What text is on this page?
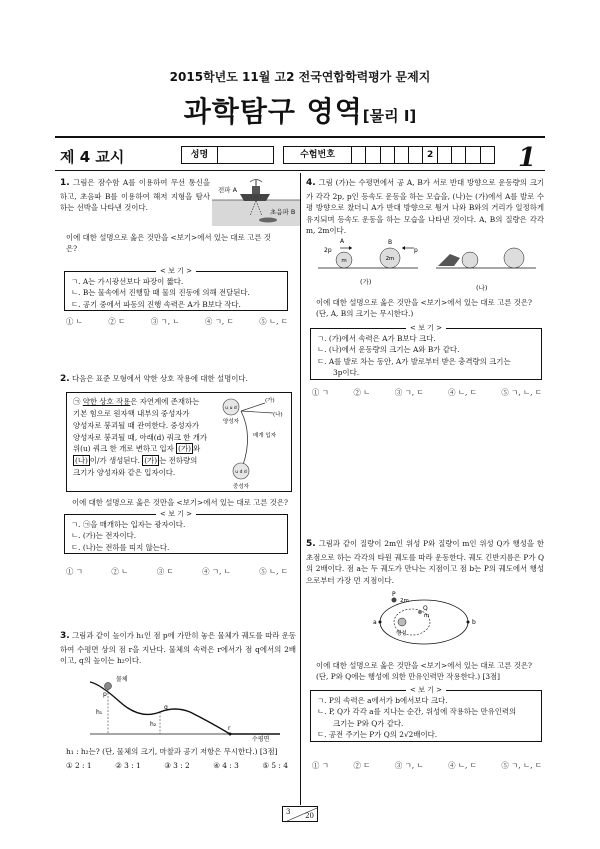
2015학년도 11월 고2 전국연합학력평가 문제지
과학탐구 영역[물리 I]
제 4 교시	성명	수험번호	2	1
1. 그림은 잠수함 A를 이용하여 무선 통신을 하고, 초음파 B를 이용하여 해저 지형을 탐사하는 선박을 나타낸 것이다.
전파 A
초음파 B
이에 대한 설명으로 옳은 것만을 <보기>에서 있는 대로 고른 것은?
< 보 기 >
ㄱ. A는 가시광선보다 파장이 짧다.
ㄴ. B는 물속에서 진행할 때 물의 진동에 의해 전달된다.
ㄷ. 공기 중에서 파동의 진행 속력은 A가 B보다 작다.
① ㄴ	② ㄷ	③ ㄱ, ㄴ	④ ㄱ, ㄷ	⑤ ㄴ, ㄷ
2. 다음은 표준 모형에서 약한 상호 작용에 대한 설명이다.
㉠ 약한 상호 작용은 자연계에 존재하는
기본 힘으로 원자핵 내부의 중성자가
양성자로 붕괴될 때 관여한다. 중성자가
양성자로 붕괴될 때, 아래(d) 쿼크 한 개가
위(u) 쿼크 한 개로 변하고 입자 (가) 와
(나) 이/가 생성된다. (가) 는 전하량의
크기가 양성자와 같은 입자이다.
u u d
양성자
(가)
(나)
매개 입자
u d d
중성자
이에 대한 설명으로 옳은 것만을 <보기>에서 있는 대로 고른 것은?
< 보 기 >
ㄱ. ㉠을 매개하는 입자는 광자이다.
ㄴ. (가)는 전자이다.
ㄷ. (나)는 전하를 띠지 않는다.
① ㄱ	② ㄴ	③ ㄷ	④ ㄱ, ㄴ	⑤ ㄴ, ㄷ
3. 그림과 같이 높이가 h₁인 점 p에 가만히 놓은 물체가 궤도를 따라 운동하여 수평면 상의 점 r을 지난다. 물체의 속력은 r에서가 점 q에서의 2배이고, q의 높이는 h₂이다.
물체
p
h₁
q
h₂
r
수평면
h₁ : h₂는? (단, 물체의 크기, 마찰과 공기 저항은 무시한다.) [3점]
① 2 : 1	② 3 : 1	③ 3 : 2	④ 4 : 3	⑤ 5 : 4
4. 그림 (가)는 수평면에서 공 A, B가 서로 반대 방향으로 운동량의 크기가 각각 2p, p인 등속도 운동을 하는 모습을, (나)는 (가)에서 A를 발로 수평 방향으로 찼더니 A가 반대 방향으로 튕겨 나와 B와의 거리가 일정하게 유지되며 등속도 운동을 하는 모습을 나타낸 것이다. A, B의 질량은 각각 m, 2m이다.
m	2m
2p
A
p
B
(가)
(나)
이에 대한 설명으로 옳은 것만을 <보기>에서 있는 대로 고른 것은? (단, A, B의 크기는 무시한다.)
< 보 기 >
ㄱ. (가)에서 속력은 A가 B보다 크다.
ㄴ. (나)에서 운동량의 크기는 A와 B가 같다.
ㄷ. A를 발로 차는 동안, A가 발로부터 받은 충격량의 크기는
3p이다.
① ㄱ	② ㄴ	③ ㄱ, ㄷ	④ ㄴ, ㄷ	⑤ ㄱ, ㄴ, ㄷ
5. 그림과 같이 질량이 2m인 위성 P와 질량이 m인 위성 Q가 행성을 한 초점으로 하는 각각의 타원 궤도를 따라 운동한다. 궤도 긴반지름은 P가 Q의 2배이다. 점 a는 두 궤도가 만나는 지점이고 점 b는 P의 궤도에서 행성으로부터 가장 먼 지점이다.
행성
P
2m
Q
m
a	b
이에 대한 설명으로 옳은 것만을 <보기>에서 있는 대로 고른 것은? (단, P와 Q에는 행성에 의한 만유인력만 작용한다.) [3점]
< 보 기 >
ㄱ. P의 속력은 a에서가 b에서보다 크다.
ㄴ. P, Q가 각각 a를 지나는 순간, 위성에 작용하는 만유인력의
크기는 P와 Q가 같다.
ㄷ. 공전 주기는 P가 Q의 2√2배이다.
① ㄱ	② ㄷ	③ ㄱ, ㄴ	④ ㄴ, ㄷ	⑤ ㄱ, ㄴ, ㄷ
3
20
